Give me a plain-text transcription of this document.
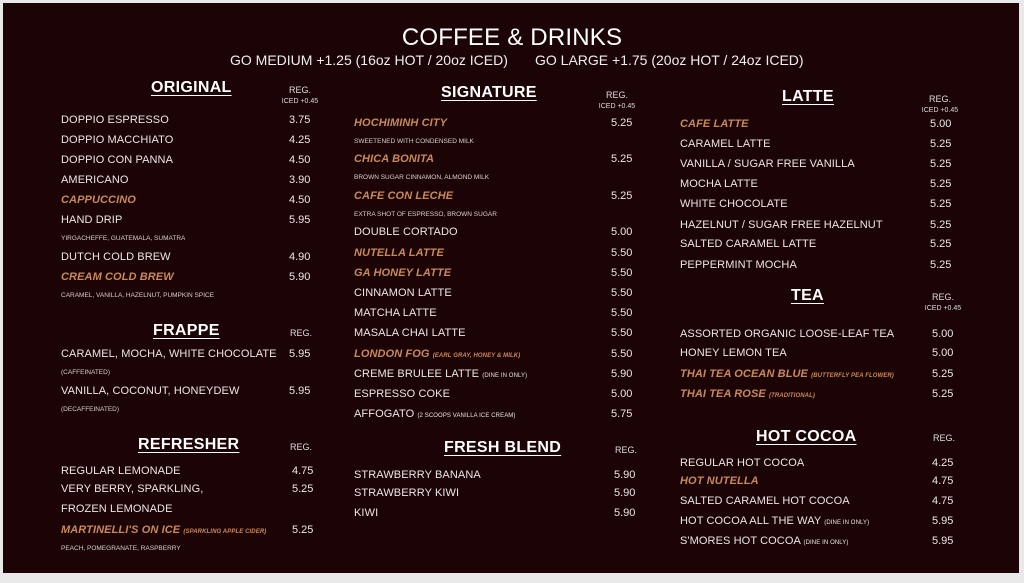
COFFEE & DRINKS
GO MEDIUM +1.25 (16oz HOT / 20oz ICED) GO LARGE +1.75 (20oz HOT / 24oz ICED)
ORIGINAL	REG.
ICED +0.45
DOPPIO ESPRESSO	3.75
DOPPIO MACCHIATO	4.25
DOPPIO CON PANNA	4.50
AMERICANO	3.90
CAPPUCCINO	4.50
HAND DRIP	5.95
YIRGACHEFFE, GUATEMALA, SUMATRA
DUTCH COLD BREW	4.90
CREAM COLD BREW	5.90
CARAMEL, VANILLA, HAZELNUT, PUMPKIN SPICE
FRAPPE	REG.
CARAMEL, MOCHA, WHITE CHOCOLATE 5.95
(CAFFEINATED)
VANILLA, COCONUT, HONEYDEW	5.95
(DECAFFEINATED)
REFRESHER	REG.
REGULAR LEMONADE	4.75
VERY BERRY, SPARKLING,	5.25
FROZEN LEMONADE
MARTINELLI'S ON ICE (SPARKLING APPLE CIDER) 5.25
PEACH, POMEGRANATE, RASPBERRY
SIGNATURE	REG.
ICED +0.45
HOCHIMINH CITY	5.25
SWEETENED WITH CONDENSED MILK
CHICA BONITA	5.25
BROWN SUGAR CINNAMON, ALMOND MILK
CAFE CON LECHE	5.25
EXTRA SHOT OF ESPRESSO, BROWN SUGAR
DOUBLE CORTADO	5.00
NUTELLA LATTE	5.50
GA HONEY LATTE	5.50
CINNAMON LATTE	5.50
MATCHA LATTE	5.50
MASALA CHAI LATTE	5.50
LONDON FOG (EARL GRAY, HONEY & MILK)	5.50
CREME BRULEE LATTE (DINE IN ONLY)	5.90
ESPRESSO COKE	5.00
AFFOGATO (2 SCOOPS VANILLA ICE CREAM)	5.75
FRESH BLEND	REG.
STRAWBERRY BANANA	5.90
STRAWBERRY KIWI	5.90
KIWI	5.90
LATTE	REG.
ICED +0.45
CAFE LATTE	5.00
CARAMEL LATTE	5.25
VANILLA / SUGAR FREE VANILLA	5.25
MOCHA LATTE	5.25
WHITE CHOCOLATE	5.25
HAZELNUT / SUGAR FREE HAZELNUT	5.25
SALTED CARAMEL LATTE	5.25
PEPPERMINT MOCHA	5.25
TEA	REG.
ICED +0.45
ASSORTED ORGANIC LOOSE-LEAF TEA	5.00
HONEY LEMON TEA	5.00
THAI TEA OCEAN BLUE (BUTTERFLY PEA FLOWER)	5.25
THAI TEA ROSE (TRADITIONAL)	5.25
HOT COCOA	REG.
REGULAR HOT COCOA	4.25
HOT NUTELLA	4.75
SALTED CARAMEL HOT COCOA	4.75
HOT COCOA ALL THE WAY (DINE IN ONLY)	5.95
S'MORES HOT COCOA (DINE IN ONLY)	5.95
